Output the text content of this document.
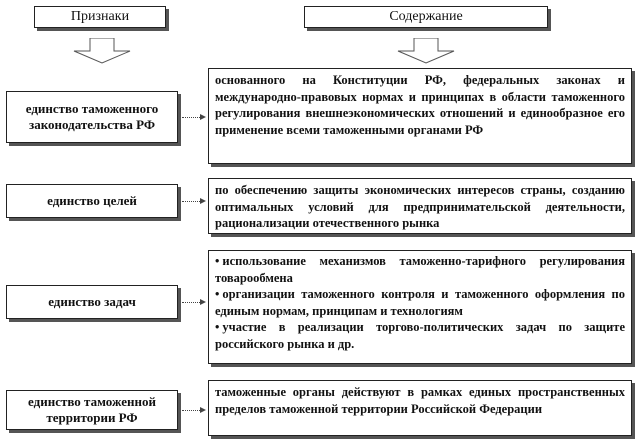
Признаки	Содержание
единство таможенного законодательства РФ

основанного на Конституции РФ, федеральных законах и международно-правовых нормах и принципах в области таможенного регулирования внешнеэкономических отношений и единообразное его применение всеми таможенными органами РФ

единство целей

по обеспечению защиты экономических интересов страны, созданию оптимальных условий для предпринимательской деятельности, рационализации отечественного рынка

единство задач

• использование механизмов таможенно-тарифного регулирования товарообмена

• организации таможенного контроля и таможенного оформления по единым нормам, принципам и технологиям

• участие в реализации торгово-политических задач по защите российского рынка и др.

единство таможенной территории РФ

таможенные органы действуют в рамках единых пространственных пределов таможенной территории Российской Федерации
